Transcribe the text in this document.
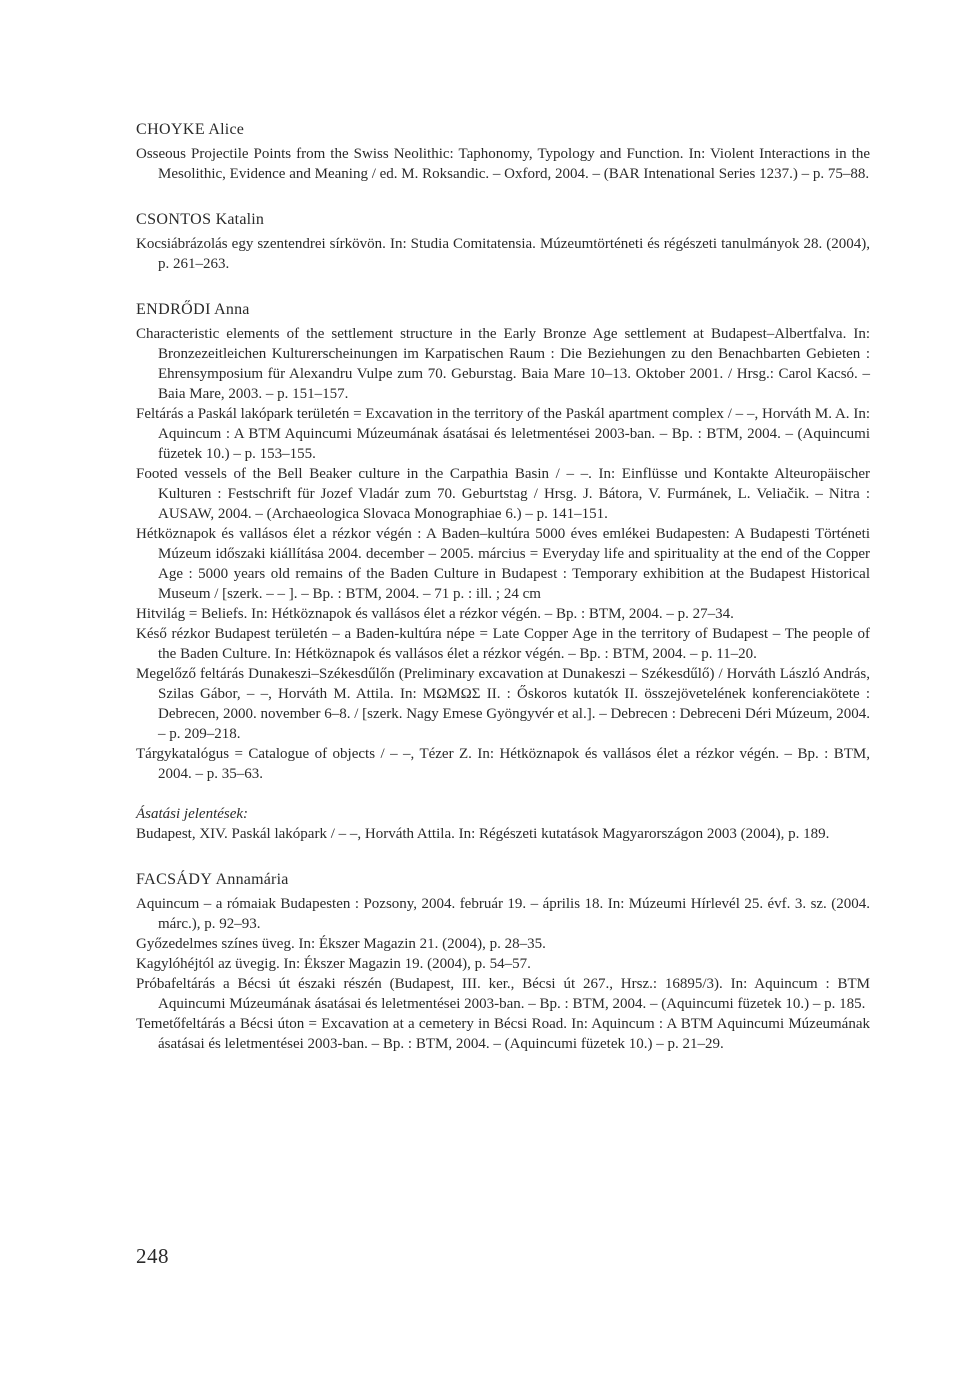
CHOYKE Alice

Osseous Projectile Points from the Swiss Neolithic: Taphonomy, Typology and Function. In: Violent Interactions in the Mesolithic, Evidence and Meaning / ed. M. Roksandic. – Oxford, 2004. – (BAR Intenational Series 1237.) – p. 75–88.

CSONTOS Katalin

Kocsiábrázolás egy szentendrei sírkövön. In: Studia Comitatensia. Múzeumtörténeti és régészeti tanulmányok 28. (2004), p. 261–263.

ENDRŐDI Anna

Characteristic elements of the settlement structure in the Early Bronze Age settlement at Budapest–Albertfalva. In: Bronzezeitleichen Kulturerscheinungen im Karpatischen Raum : Die Beziehungen zu den Benachbarten Gebieten : Ehrensymposium für Alexandru Vulpe zum 70. Geburstag. Baia Mare 10–13. Oktober 2001. / Hrsg.: Carol Kacsó. – Baia Mare, 2003. – p. 151–157.

Feltárás a Paskál lakópark területén = Excavation in the territory of the Paskál apartment complex / – –, Horváth M. A. In: Aquincum : A BTM Aquincumi Múzeumának ásatásai és leletmentései 2003-ban. – Bp. : BTM, 2004. – (Aquincumi füzetek 10.) – p. 153–155.

Footed vessels of the Bell Beaker culture in the Carpathia Basin / – –. In: Einflüsse und Kontakte Alteuropäischer Kulturen : Festschrift für Jozef Vladár zum 70. Geburtstag / Hrsg. J. Bátora, V. Furmánek, L. Veliačik. – Nitra : AUSAW, 2004. – (Archaeologica Slovaca Monographiae 6.) – p. 141–151.

Hétköznapok és vallásos élet a rézkor végén : A Baden–kultúra 5000 éves emlékei Budapesten: A Budapesti Történeti Múzeum időszaki kiállítása 2004. december – 2005. március = Everyday life and spirituality at the end of the Copper Age : 5000 years old remains of the Baden Culture in Budapest : Temporary exhibition at the Budapest Historical Museum / [szerk. – – ]. – Bp. : BTM, 2004. – 71 p. : ill. ; 24 cm

Hitvilág = Beliefs. In: Hétköznapok és vallásos élet a rézkor végén. – Bp. : BTM, 2004. – p. 27–34.

Késő rézkor Budapest területén – a Baden-kultúra népe = Late Copper Age in the territory of Budapest – The people of the Baden Culture. In: Hétköznapok és vallásos élet a rézkor végén. – Bp. : BTM, 2004. – p. 11–20.

Megelőző feltárás Dunakeszi–Székesdűlőn (Preliminary excavation at Dunakeszi – Székesdűlő) / Horváth László András, Szilas Gábor, – –, Horváth M. Attila. In: ΜΩΜΩΣ II. : Őskoros kutatók II. összejövetelének konferenciakötete : Debrecen, 2000. november 6–8. / [szerk. Nagy Emese Gyöngyvér et al.]. – Debrecen : Debreceni Déri Múzeum, 2004. – p. 209–218.

Tárgykatalógus = Catalogue of objects / – –, Tézer Z. In: Hétköznapok és vallásos élet a rézkor végén. – Bp. : BTM, 2004. – p. 35–63.

Ásatási jelentések:

Budapest, XIV. Paskál lakópark / – –, Horváth Attila. In: Régészeti kutatások Magyarországon 2003 (2004), p. 189.

FACSÁDY Annamária

Aquincum – a rómaiak Budapesten : Pozsony, 2004. február 19. – április 18. In: Múzeumi Hírlevél 25. évf. 3. sz. (2004. márc.), p. 92–93.

Győzedelmes színes üveg. In: Ékszer Magazin 21. (2004), p. 28–35.

Kagylóhéjtól az üvegig. In: Ékszer Magazin 19. (2004), p. 54–57.

Próbafeltárás a Bécsi út északi részén (Budapest, III. ker., Bécsi út 267., Hrsz.: 16895/3). In: Aquincum : BTM Aquincumi Múzeumának ásatásai és leletmentései 2003-ban. – Bp. : BTM, 2004. – (Aquincumi füzetek 10.) – p. 185.

Temetőfeltárás a Bécsi úton = Excavation at a cemetery in Bécsi Road. In: Aquincum : A BTM Aquincumi Múzeumának ásatásai és leletmentései 2003-ban. – Bp. : BTM, 2004. – (Aquincumi füzetek 10.) – p. 21–29.

248
